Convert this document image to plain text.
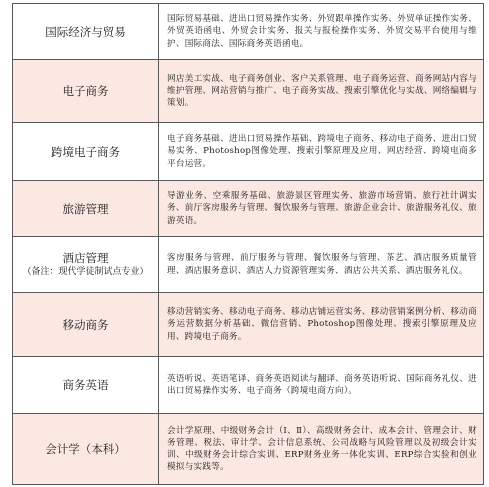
国际经济与贸易	国际贸易基础、进出口贸易操作实务、外贸跟单操作实务、外贸单证操作实务、外贸英语函电、外贸会计实务、报关与报检操作实务、外贸交易平台使用与维护、国际商法、国际商务英语函电。

电子商务	网店美工实战、电子商务创业、客户关系管理、电子商务运营、商务网站内容与维护管理、网站营销与推广、电子商务实战、搜索引擎优化与实战、网络编辑与策划。

跨境电子商务	电子商务基础、进出口贸易操作基础、跨境电子商务、移动电子商务、进出口贸易实务、Photoshop图像处理、搜索引擎原理及应用、网店经营、跨境电商多平台运营。

旅游管理	导游业务、空乘服务基础、旅游景区管理实务、旅游市场营销、旅行社计调实务、前厅客房服务与管理、餐饮服务与管理、旅游企业会计、旅游服务礼仪、旅游英语。

酒店管理
（备注：现代学徒制试点专业）	客房服务与管理、前厅服务与管理、餐饮服务与管理、茶艺、酒店服务质量管理、酒店服务意识、酒店人力资源管理实务、酒店公共关系、酒店服务礼仪。

移动商务	移动营销实务、移动电子商务、移动店铺运营实务、移动营销案例分析、移动商务运营数据分析基础、微信营销、Photoshop图像处理、搜索引擎原理及应用、跨境电子商务。

商务英语	英语听说、英语笔译、商务英语阅读与翻译、商务英语听说、国际商务礼仪、进出口贸易操作实务、电子商务（跨境电商方向）。

会计学（本科）	会计学原理、中级财务会计（Ⅰ、Ⅱ）、高级财务会计、成本会计、管理会计、财务管理、税法、审计学、会计信息系统、公司战略与风险管理以及初级会计实训、中级财务会计综合实训、ERP财务业务一体化实训、ERP综合实验和创业模拟与实践等。
